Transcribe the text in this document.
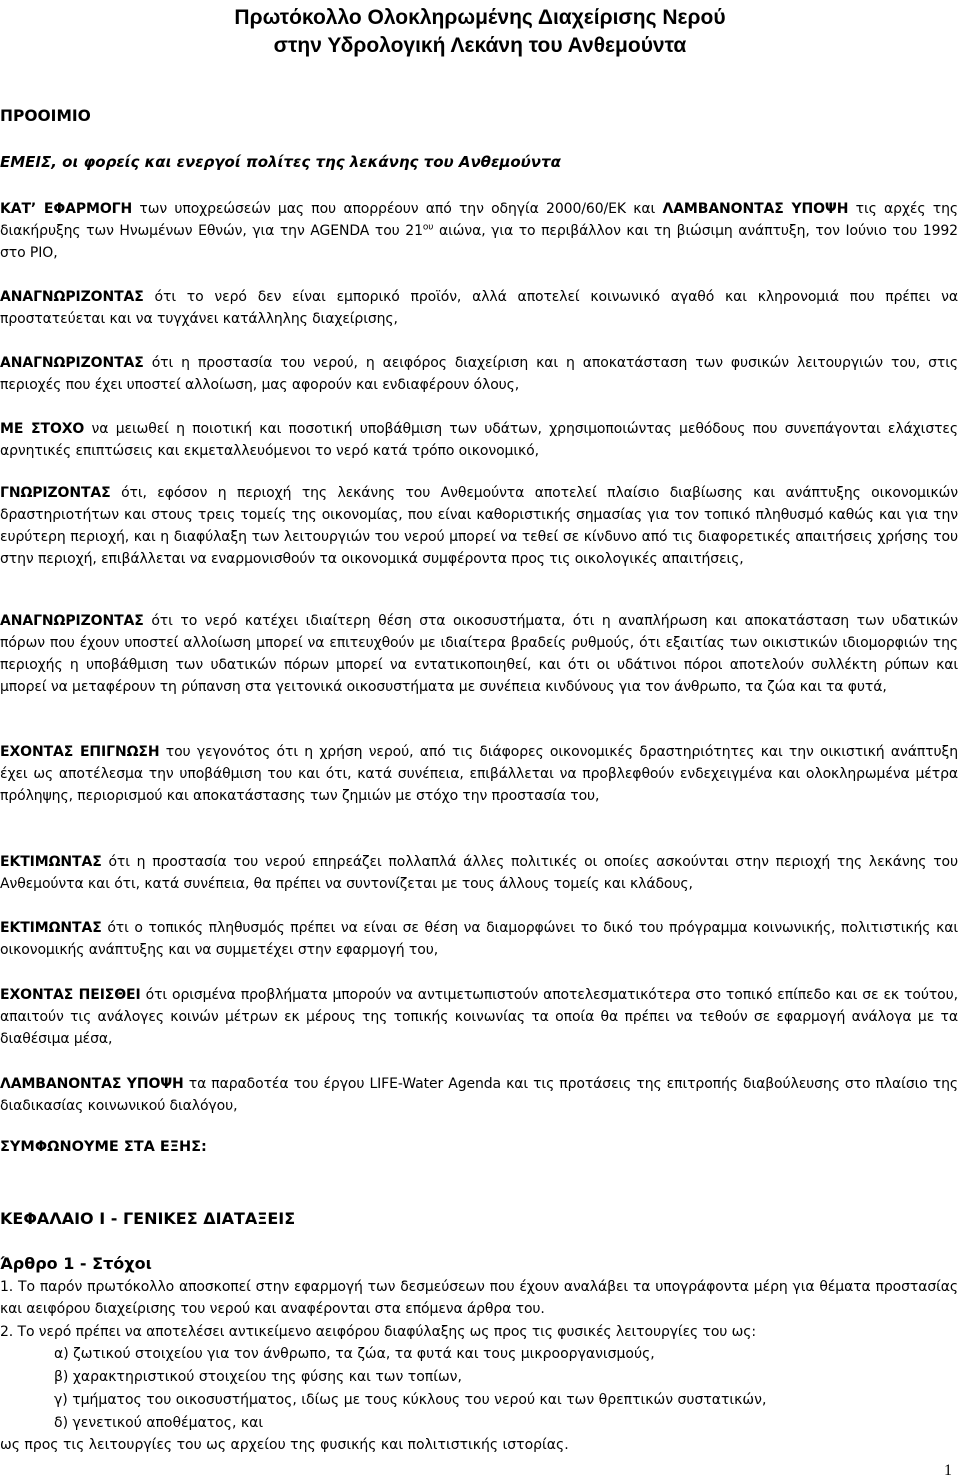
Πρωτόκολλο Ολοκληρωμένης Διαχείρισης Νερού
στην Υδρολογική Λεκάνη του Ανθεμούντα
ΠΡΟΟΙΜΙΟ
ΕΜΕΙΣ, οι φορείς και ενεργοί πολίτες της λεκάνης του Ανθεμούντα
ΚΑΤ’ ΕΦΑΡΜΟΓΗ των υποχρεώσεών μας που απορρέουν από την οδηγία 2000/60/ΕΚ και ΛΑΜΒΑΝΟΝΤΑΣ ΥΠΟΨΗ τις αρχές της διακήρυξης των Ηνωμένων Εθνών, για την AGENDA του $21^{o\upsilon}$ αιώνα, για το περιβάλλον και τη βιώσιμη ανάπτυξη, τον Ιούνιο του 1992 στο ΡΙΟ,
ΑΝΑΓΝΩΡΙΖΟΝΤΑΣ ότι το νερό δεν είναι εμπορικό προϊόν, αλλά αποτελεί κοινωνικό αγαθό και κληρονομιά που πρέπει να προστατεύεται και να τυγχάνει κατάλληλης διαχείρισης,
ΑΝΑΓΝΩΡΙΖΟΝΤΑΣ ότι η προστασία του νερού, η αειφόρος διαχείριση και η αποκατάσταση των φυσικών λειτουργιών του, στις περιοχές που έχει υποστεί αλλοίωση, μας αφορούν και ενδιαφέρουν όλους,
ΜΕ ΣΤΟΧΟ να μειωθεί η ποιοτική και ποσοτική υποβάθμιση των υδάτων, χρησιμοποιώντας μεθόδους που συνεπάγονται ελάχιστες αρνητικές επιπτώσεις και εκμεταλλευόμενοι το νερό κατά τρόπο οικονομικό,
ΓΝΩΡΙΖΟΝΤΑΣ ότι, εφόσον η περιοχή της λεκάνης του Ανθεμούντα αποτελεί πλαίσιο διαβίωσης και ανάπτυξης οικονομικών δραστηριοτήτων και στους τρεις τομείς της οικονομίας, που είναι καθοριστικής σημασίας για τον τοπικό πληθυσμό καθώς και για την ευρύτερη περιοχή, και η διαφύλαξη των λειτουργιών του νερού μπορεί να τεθεί σε κίνδυνο από τις διαφορετικές απαιτήσεις χρήσης του στην περιοχή, επιβάλλεται να εναρμονισθούν τα οικονομικά συμφέροντα προς τις οικολογικές απαιτήσεις,
ΑΝΑΓΝΩΡΙΖΟΝΤΑΣ ότι το νερό κατέχει ιδιαίτερη θέση στα οικοσυστήματα, ότι η αναπλήρωση και αποκατάσταση των υδατικών πόρων που έχουν υποστεί αλλοίωση μπορεί να επιτευχθούν με ιδιαίτερα βραδείς ρυθμούς, ότι εξαιτίας των οικιστικών ιδιομορφιών της περιοχής η υποβάθμιση των υδατικών πόρων μπορεί να εντατικοποιηθεί, και ότι οι υδάτινοι πόροι αποτελούν συλλέκτη ρύπων και μπορεί να μεταφέρουν τη ρύπανση στα γειτονικά οικοσυστήματα με συνέπεια κινδύνους για τον άνθρωπο, τα ζώα και τα φυτά,
ΕΧΟΝΤΑΣ ΕΠΙΓΝΩΣΗ του γεγονότος ότι η χρήση νερού, από τις διάφορες οικονομικές δραστηριότητες και την οικιστική ανάπτυξη έχει ως αποτέλεσμα την υποβάθμιση του και ότι, κατά συνέπεια, επιβάλλεται να προβλεφθούν ενδεχειγμένα και ολοκληρωμένα μέτρα πρόληψης, περιορισμού και αποκατάστασης των ζημιών με στόχο την προστασία του,
ΕΚΤΙΜΩΝΤΑΣ ότι η προστασία του νερού επηρεάζει πολλαπλά άλλες πολιτικές οι οποίες ασκούνται στην περιοχή της λεκάνης του Ανθεμούντα και ότι, κατά συνέπεια, θα πρέπει να συντονίζεται με τους άλλους τομείς και κλάδους,
ΕΚΤΙΜΩΝΤΑΣ ότι ο τοπικός πληθυσμός πρέπει να είναι σε θέση να διαμορφώνει το δικό του πρόγραμμα κοινωνικής, πολιτιστικής και οικονομικής ανάπτυξης και να συμμετέχει στην εφαρμογή του,
ΕΧΟΝΤΑΣ ΠΕΙΣΘΕΙ ότι ορισμένα προβλήματα μπορούν να αντιμετωπιστούν αποτελεσματικότερα στο τοπικό επίπεδο και σε εκ τούτου, απαιτούν τις ανάλογες κοινών μέτρων εκ μέρους της τοπικής κοινωνίας τα οποία θα πρέπει να τεθούν σε εφαρμογή ανάλογα με τα διαθέσιμα μέσα,
ΛΑΜΒΑΝΟΝΤΑΣ ΥΠΟΨΗ τα παραδοτέα του έργου LIFE-Water Agenda και τις προτάσεις της επιτροπής διαβούλευσης στο πλαίσιο της διαδικασίας κοινωνικού διαλόγου,
ΣΥΜΦΩΝΟΥΜΕ ΣΤΑ ΕΞΗΣ:
ΚΕΦΑΛΑΙΟ Ι - ΓΕΝΙΚΕΣ ΔΙΑΤΑΞΕΙΣ
Άρθρο 1 - Στόχοι
1. Το παρόν πρωτόκολλο αποσκοπεί στην εφαρμογή των δεσμεύσεων που έχουν αναλάβει τα υπογράφοντα μέρη για θέματα προστασίας και αειφόρου διαχείρισης του νερού και αναφέρονται στα επόμενα άρθρα του.
2. Το νερό πρέπει να αποτελέσει αντικείμενο αειφόρου διαφύλαξης ως προς τις φυσικές λειτουργίες του ως:
α) ζωτικού στοιχείου για τον άνθρωπο, τα ζώα, τα φυτά και τους μικροοργανισμούς,
β) χαρακτηριστικού στοιχείου της φύσης και των τοπίων,
γ) τμήματος του οικοσυστήματος, ιδίως με τους κύκλους του νερού και των θρεπτικών συστατικών,
δ) γενετικού αποθέματος, και
ως προς τις λειτουργίες του ως αρχείου της φυσικής και πολιτιστικής ιστορίας.
1
